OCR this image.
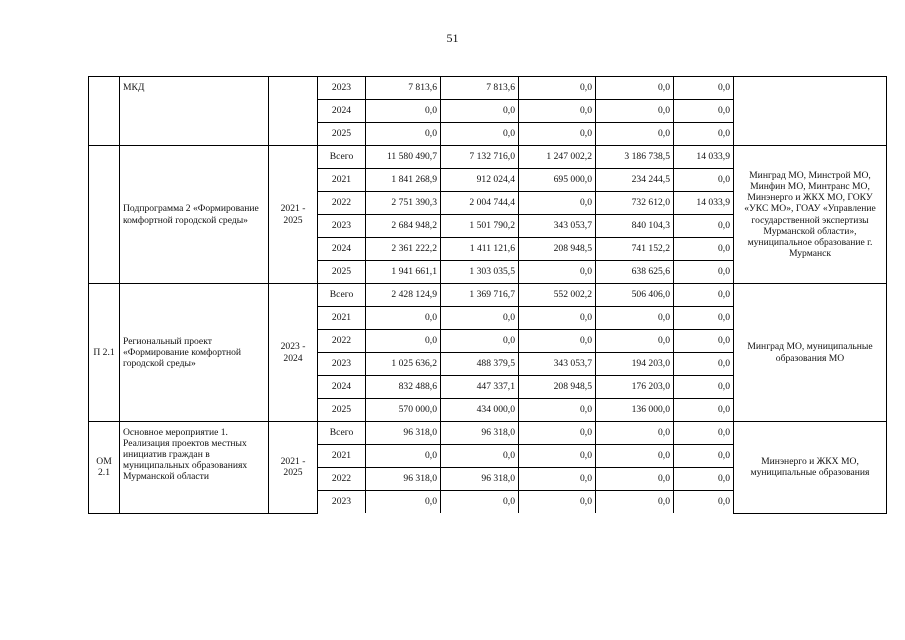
51
	МКД		2023	7 813,6	7 813,6	0,0	0,0	0,0	
			2024	0,0	0,0	0,0	0,0	0,0	
			2025	0,0	0,0	0,0	0,0	0,0	
	Подпрограмма 2 «Формирование комфортной городской среды»	2021 - 2025	Всего	11 580 490,7	7 132 716,0	1 247 002,2	3 186 738,5	14 033,9	Минград МО, Минстрой МО, Минфин МО, Минтранс МО, Минэнерго и ЖКХ МО, ГОКУ «УКС МО», ГОАУ «Управление государственной экспертизы Мурманской области», муниципальное образование г. Мурманск
			2021	1 841 268,9	912 024,4	695 000,0	234 244,5	0,0	
			2022	2 751 390,3	2 004 744,4	0,0	732 612,0	14 033,9	
			2023	2 684 948,2	1 501 790,2	343 053,7	840 104,3	0,0	
			2024	2 361 222,2	1 411 121,6	208 948,5	741 152,2	0,0	
			2025	1 941 661,1	1 303 035,5	0,0	638 625,6	0,0	
П 2.1	Региональный проект «Формирование комфортной городской среды»	2023 - 2024	Всего	2 428 124,9	1 369 716,7	552 002,2	506 406,0	0,0	Минград МО, муниципальные образования МО
			2021	0,0	0,0	0,0	0,0	0,0	
			2022	0,0	0,0	0,0	0,0	0,0	
			2023	1 025 636,2	488 379,5	343 053,7	194 203,0	0,0	
			2024	832 488,6	447 337,1	208 948,5	176 203,0	0,0	
			2025	570 000,0	434 000,0	0,0	136 000,0	0,0	
ОМ 2.1	Основное мероприятие 1. Реализация проектов местных инициатив граждан в муниципальных образованиях Мурманской области	2021 - 2025	Всего	96 318,0	96 318,0	0,0	0,0	0,0	Минэнерго и ЖКХ МО, муниципальные образования
			2021	0,0	0,0	0,0	0,0	0,0	
			2022	96 318,0	96 318,0	0,0	0,0	0,0	
			2023	0,0	0,0	0,0	0,0	0,0	
